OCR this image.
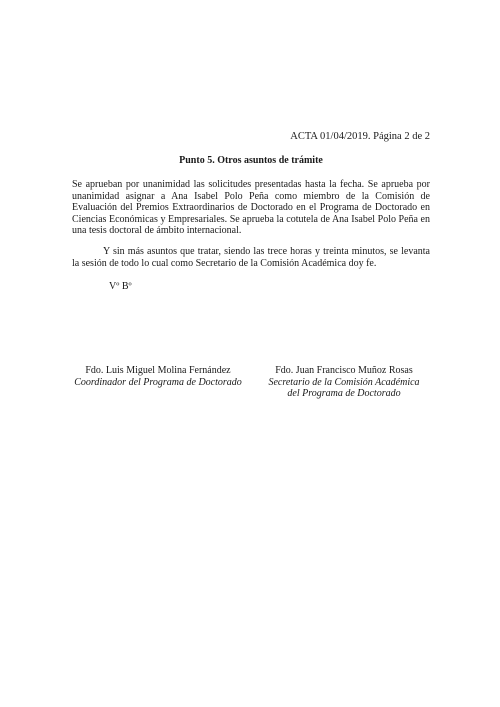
ACTA 01/04/2019. Página 2 de 2
Punto 5. Otros asuntos de trámite

Se aprueban por unanimidad las solicitudes presentadas hasta la fecha. Se aprueba por unanimidad asignar a Ana Isabel Polo Peña como miembro de la Comisión de Evaluación del Premios Extraordinarios de Doctorado en el Programa de Doctorado en Ciencias Económicas y Empresariales. Se aprueba la cotutela de Ana Isabel Polo Peña en una tesis doctoral de ámbito internacional.

Y sin más asuntos que tratar, siendo las trece horas y treinta minutos, se levanta la sesión de todo lo cual como Secretario de la Comisión Académica doy fe.

Vº Bº
Fdo. Luis Miguel Molina Fernández
Coordinador del Programa de Doctorado
Fdo. Juan Francisco Muñoz Rosas
Secretario de la Comisión Académica
del Programa de Doctorado
